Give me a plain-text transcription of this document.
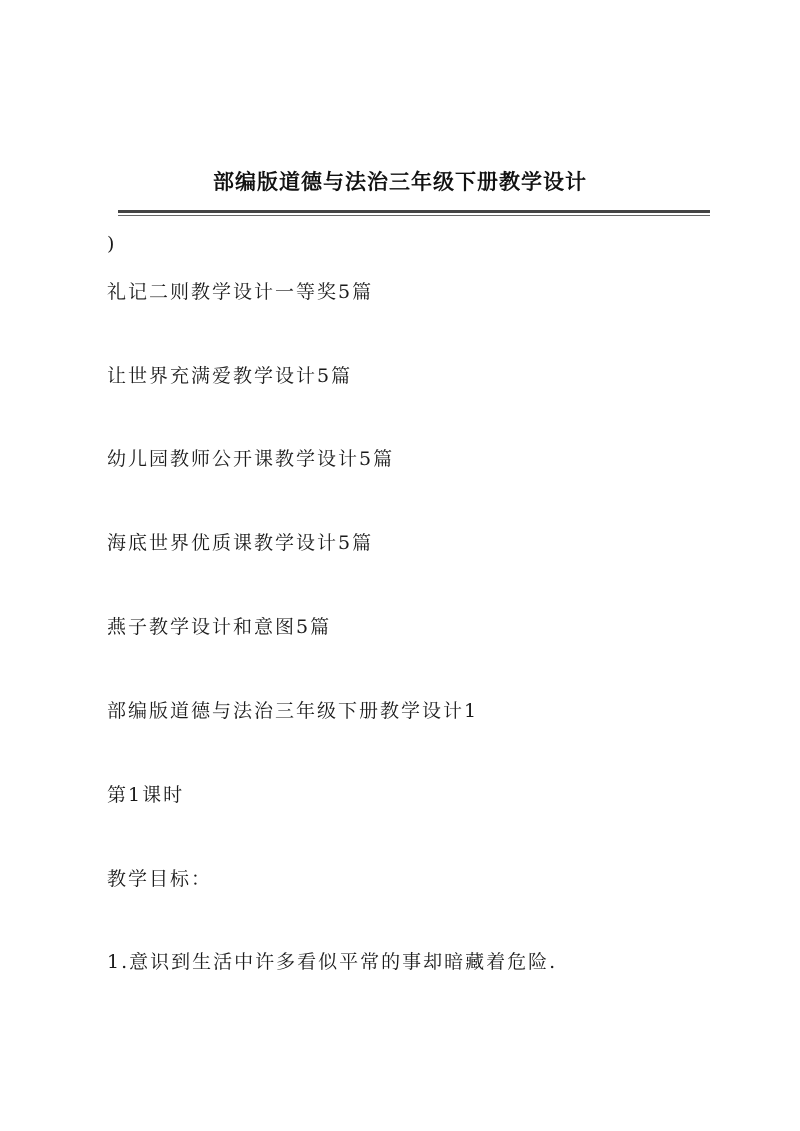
部编版道德与法治三年级下册教学设计
)
礼记二则教学设计一等奖5篇
让世界充满爱教学设计5篇
幼儿园教师公开课教学设计5篇
海底世界优质课教学设计5篇
燕子教学设计和意图5篇
部编版道德与法治三年级下册教学设计1
第1课时
教学目标：
1.意识到生活中许多看似平常的事却暗藏着危险.
